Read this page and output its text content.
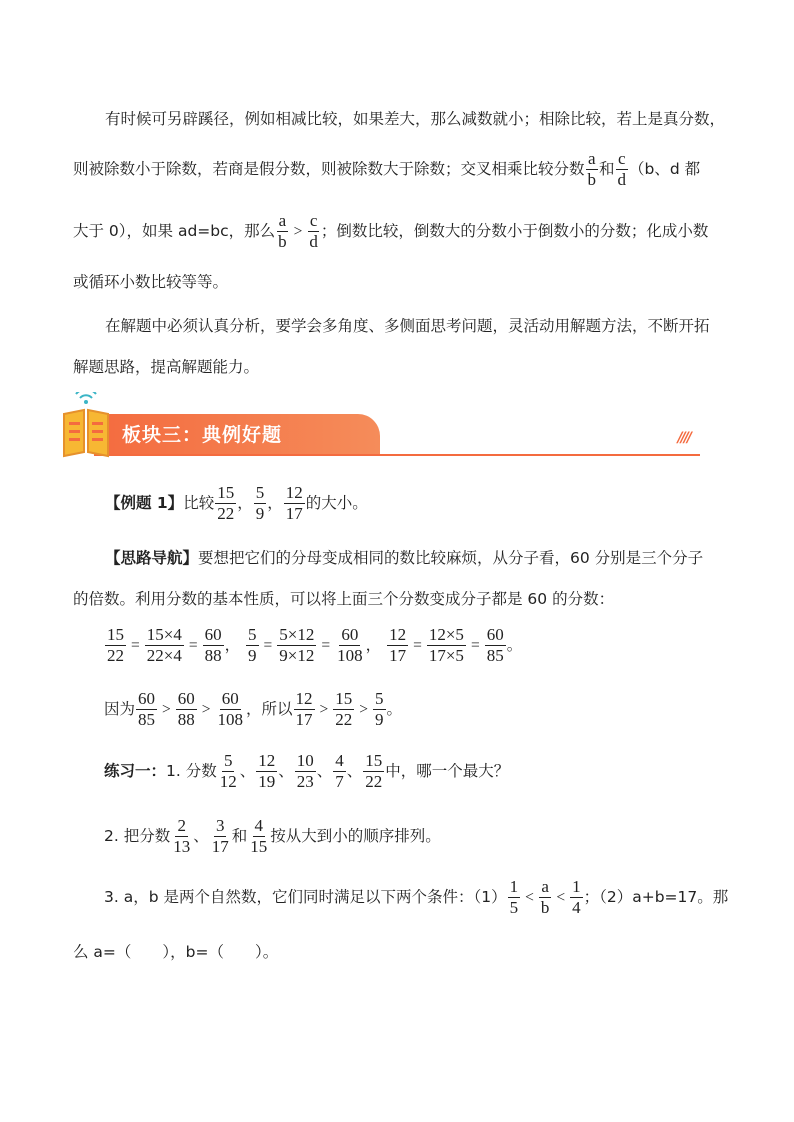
有时候可另辟蹊径，例如相减比较，如果差大，那么减数就小；相除比较，若上是真分数，
则被除数小于除数，若商是假分数，则被除数大于除数；交叉相乘比较分数 $\frac{a}{b}$ 和 $\frac{c}{d} (b$、d 都
大于 0），如果 ad=bc，那么 $\frac{a}{b} > \frac{c}{d}$ ；倒数比较，倒数大的分数小于倒数小的分数；化成小数
或循环小数比较等等。
在解题中必须认真分析，要学会多角度、多侧面思考问题，灵活动用解题方法，不断开拓
解题思路，提高解题能力。
板块三：典例好题	////
【例题 1】比较 $\frac{15}{22}$ ， $\frac{5}{9}$ ， $\frac{12}{17}$ 的大小。
【思路导航】要想把它们的分母变成相同的数比较麻烦，从分子看，60 分别是三个分子
的倍数。利用分数的基本性质，可以将上面三个分数变成分子都是 60 的分数：
$\frac{15}{22} = \frac{15\times 4}{22\times 4} = \frac{60}{88}$ ， $\frac{5}{9} = \frac{5\times 12}{9\times 12} = \frac{60}{108}$ ， $\frac{12}{17} = \frac{12\times 5}{17\times 5} = \frac{60}{85}$ 。
因为 $\frac{60}{85} > \frac{60}{88} > \frac{60}{108}$ ，所以 $\frac{12}{17} > \frac{15}{22} > \frac{5}{9}$ 。
练习一：1. 分数 $\frac{5}{12}$ 、 $\frac{12}{19}$ 、 $\frac{10}{23}$ 、 $\frac{4}{7}$ 、 $\frac{15}{22}$ 中，哪一个最大？
2. 把分数 $\frac{2}{13}$ 、 $\frac{3}{17}$ 和 $\frac{4}{15}$ 按从大到小的顺序排列。
3. a，b 是两个自然数，它们同时满足以下两个条件：$(1) \frac{1}{5} < \frac{a}{b} < \frac{1}{4}$ ；（2）a+b=17。那
么 a=（　　），b=（　　）。
